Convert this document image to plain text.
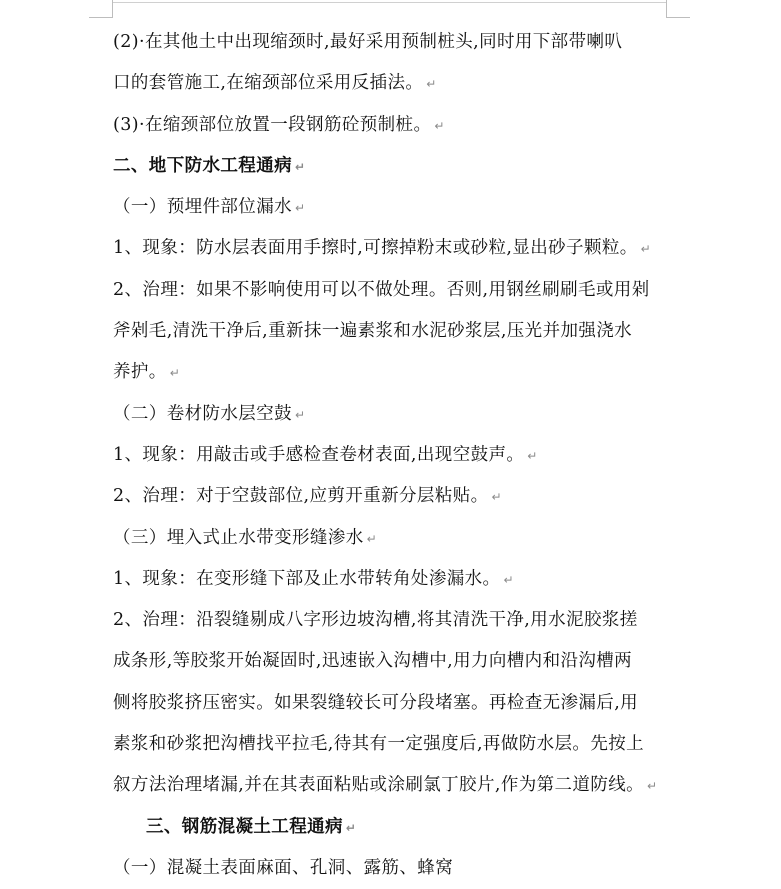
(2)·在其他土中出现缩颈时,最好采用预制桩头,同时用下部带喇叭
口的套管施工,在缩颈部位采用反插法。 ↵
(3)·在缩颈部位放置一段钢筋砼预制桩。 ↵
二、地下防水工程通病 ↵
（一）预埋件部位漏水 ↵
1、现象：防水层表面用手擦时,可擦掉粉末或砂粒,显出砂子颗粒。 ↵
2、治理：如果不影响使用可以不做处理。否则,用钢丝刷刷毛或用剁
斧剁毛,清洗干净后,重新抹一遍素浆和水泥砂浆层,压光并加强浇水
养护。 ↵
（二）卷材防水层空鼓 ↵
1、现象：用敲击或手感检查卷材表面,出现空鼓声。 ↵
2、治理：对于空鼓部位,应剪开重新分层粘贴。 ↵
（三）埋入式止水带变形缝渗水 ↵
1、现象：在变形缝下部及止水带转角处渗漏水。 ↵
2、治理：沿裂缝剔成八字形边坡沟槽,将其清洗干净,用水泥胶浆搓
成条形,等胶浆开始凝固时,迅速嵌入沟槽中,用力向槽内和沿沟槽两
侧将胶浆挤压密实。如果裂缝较长可分段堵塞。再检查无渗漏后,用
素浆和砂浆把沟槽找平拉毛,待其有一定强度后,再做防水层。先按上
叙方法治理堵漏,并在其表面粘贴或涂刷氯丁胶片,作为第二道防线。 ↵
三、钢筋混凝土工程通病 ↵
（一）混凝土表面麻面、孔洞、露筋、蜂窝
